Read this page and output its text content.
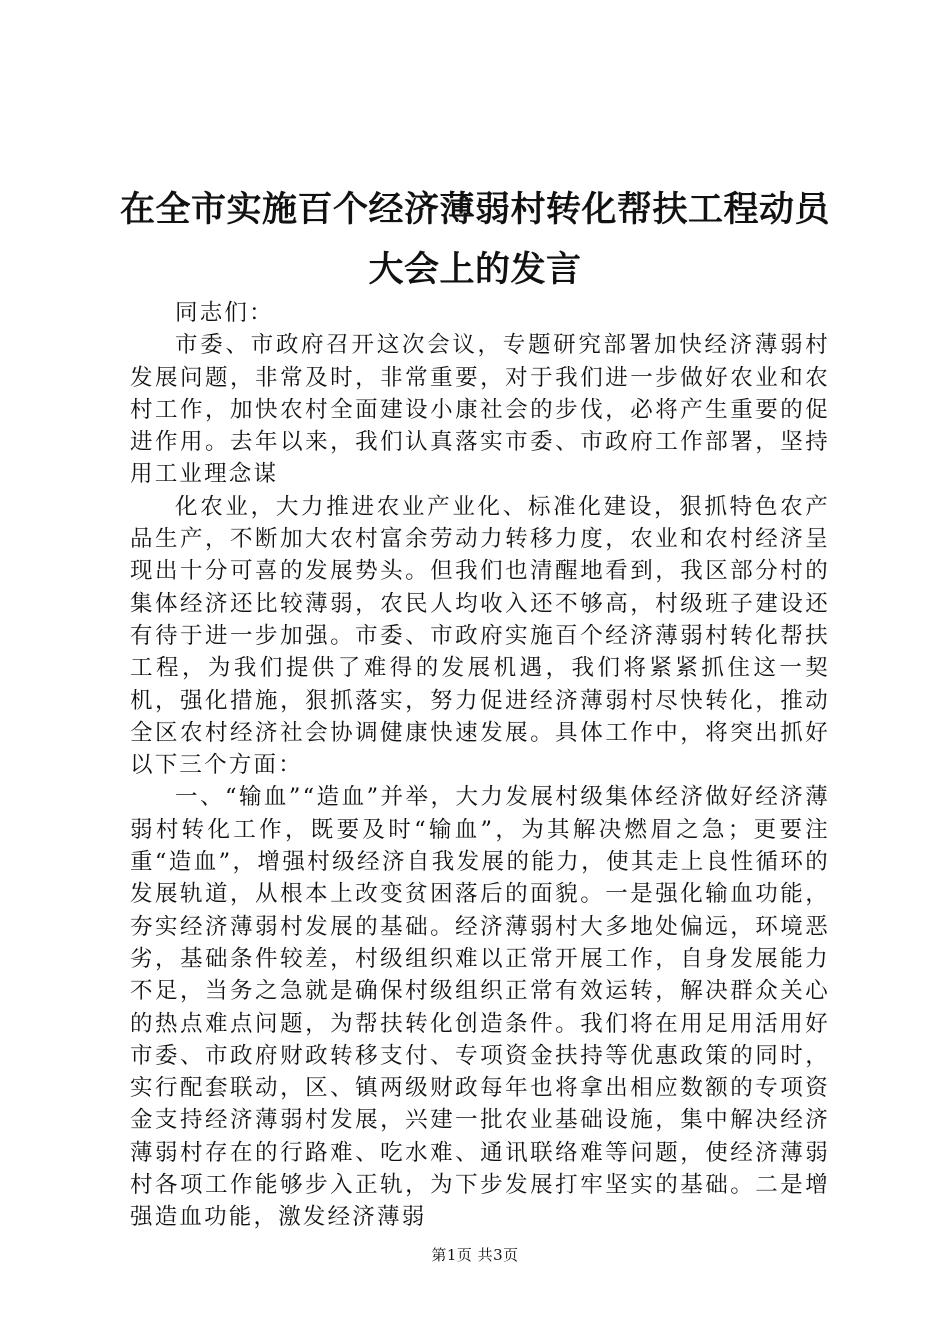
在全市实施百个经济薄弱村转化帮扶工程动员
大会上的发言

同志们：

市委、市政府召开这次会议，专题研究部署加快经济薄弱村发展问题，非常及时，非常重要，对于我们进一步做好农业和农村工作，加快农村全面建设小康社会的步伐，必将产生重要的促进作用。去年以来，我们认真落实市委、市政府工作部署，坚持用工业理念谋

化农业，大力推进农业产业化、标准化建设，狠抓特色农产品生产，不断加大农村富余劳动力转移力度，农业和农村经济呈现出十分可喜的发展势头。但我们也清醒地看到，我区部分村的集体经济还比较薄弱，农民人均收入还不够高，村级班子建设还有待于进一步加强。市委、市政府实施百个经济薄弱村转化帮扶工程，为我们提供了难得的发展机遇，我们将紧紧抓住这一契机，强化措施，狠抓落实，努力促进经济薄弱村尽快转化，推动全区农村经济社会协调健康快速发展。具体工作中，将突出抓好以下三个方面：

一、“输血”“造血”并举，大力发展村级集体经济做好经济薄弱村转化工作，既要及时“输血”，为其解决燃眉之急；更要注重“造血”，增强村级经济自我发展的能力，使其走上良性循环的发展轨道，从根本上改变贫困落后的面貌。一是强化输血功能，夯实经济薄弱村发展的基础。经济薄弱村大多地处偏远，环境恶劣，基础条件较差，村级组织难以正常开展工作，自身发展能力不足，当务之急就是确保村级组织正常有效运转，解决群众关心的热点难点问题，为帮扶转化创造条件。我们将在用足用活用好市委、市政府财政转移支付、专项资金扶持等优惠政策的同时，实行配套联动，区、镇两级财政每年也将拿出相应数额的专项资金支持经济薄弱村发展，兴建一批农业基础设施，集中解决经济薄弱村存在的行路难、吃水难、通讯联络难等问题，使经济薄弱村各项工作能够步入正轨，为下步发展打牢坚实的基础。二是增强造血功能，激发经济薄弱

第1页 共3页
